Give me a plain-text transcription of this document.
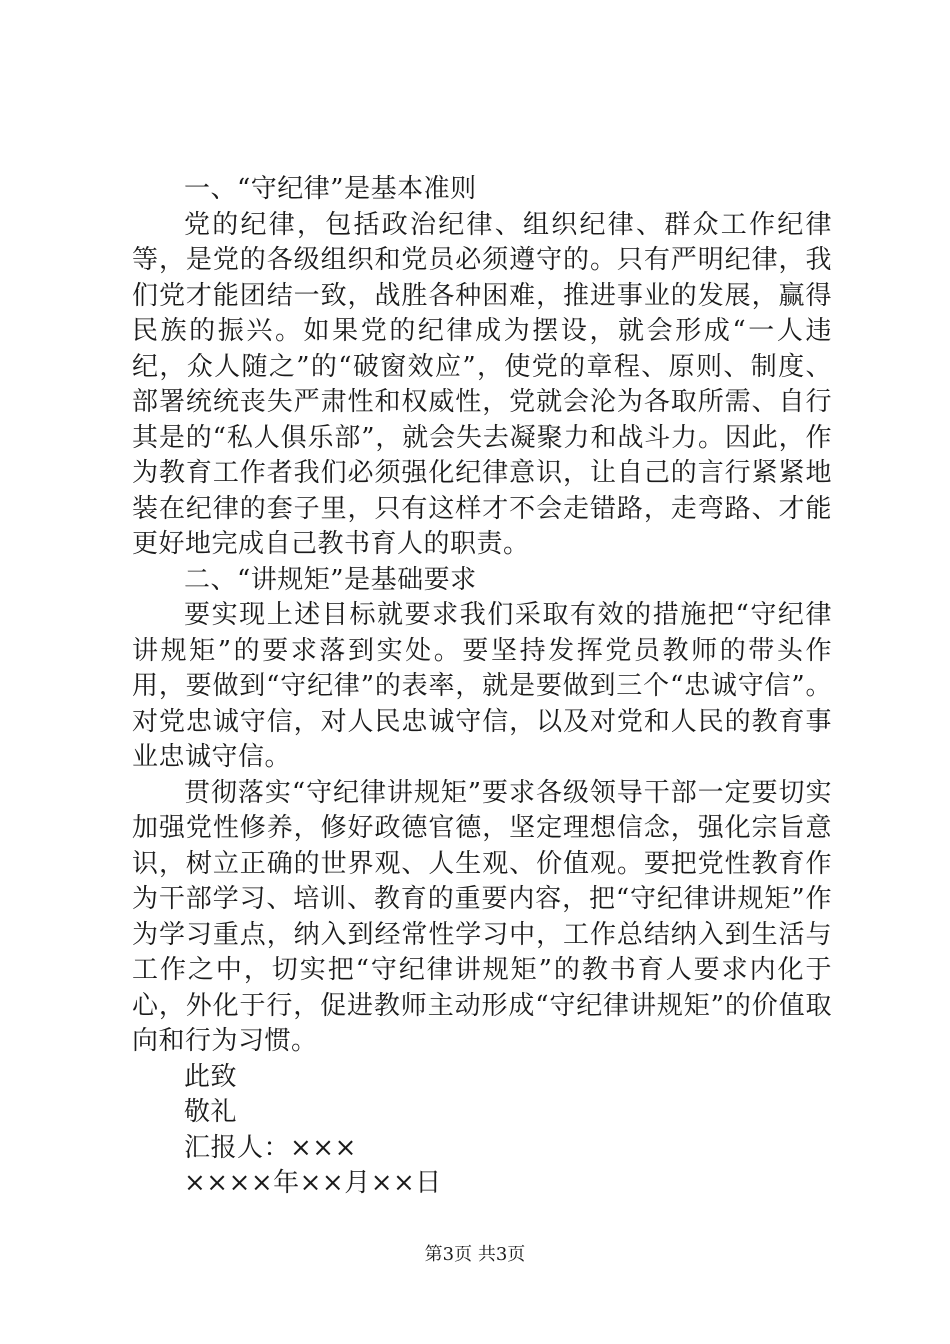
一、“守纪律”是基本准则

党的纪律，包括政治纪律、组织纪律、群众工作纪律等，是党的各级组织和党员必须遵守的。只有严明纪律，我们党才能团结一致，战胜各种困难，推进事业的发展，赢得民族的振兴。如果党的纪律成为摆设，就会形成“一人违纪，众人随之”的“破窗效应”，使党的章程、原则、制度、部署统统丧失严肃性和权威性，党就会沦为各取所需、自行其是的“私人俱乐部”，就会失去凝聚力和战斗力。因此，作为教育工作者我们必须强化纪律意识，让自己的言行紧紧地装在纪律的套子里，只有这样才不会走错路，走弯路、才能更好地完成自己教书育人的职责。

二、“讲规矩”是基础要求

要实现上述目标就要求我们采取有效的措施把“守纪律讲规矩”的要求落到实处。要坚持发挥党员教师的带头作用，要做到“守纪律”的表率，就是要做到三个“忠诚守信”。对党忠诚守信，对人民忠诚守信，以及对党和人民的教育事业忠诚守信。

贯彻落实“守纪律讲规矩”要求各级领导干部一定要切实加强党性修养，修好政德官德，坚定理想信念，强化宗旨意识，树立正确的世界观、人生观、价值观。要把党性教育作为干部学习、培训、教育的重要内容，把“守纪律讲规矩”作为学习重点，纳入到经常性学习中，工作总结纳入到生活与工作之中，切实把“守纪律讲规矩”的教书育人要求内化于心，外化于行，促进教师主动形成“守纪律讲规矩”的价值取向和行为习惯。

此致

敬礼

汇报人：×××

××××年××月××日

第3页 共3页
